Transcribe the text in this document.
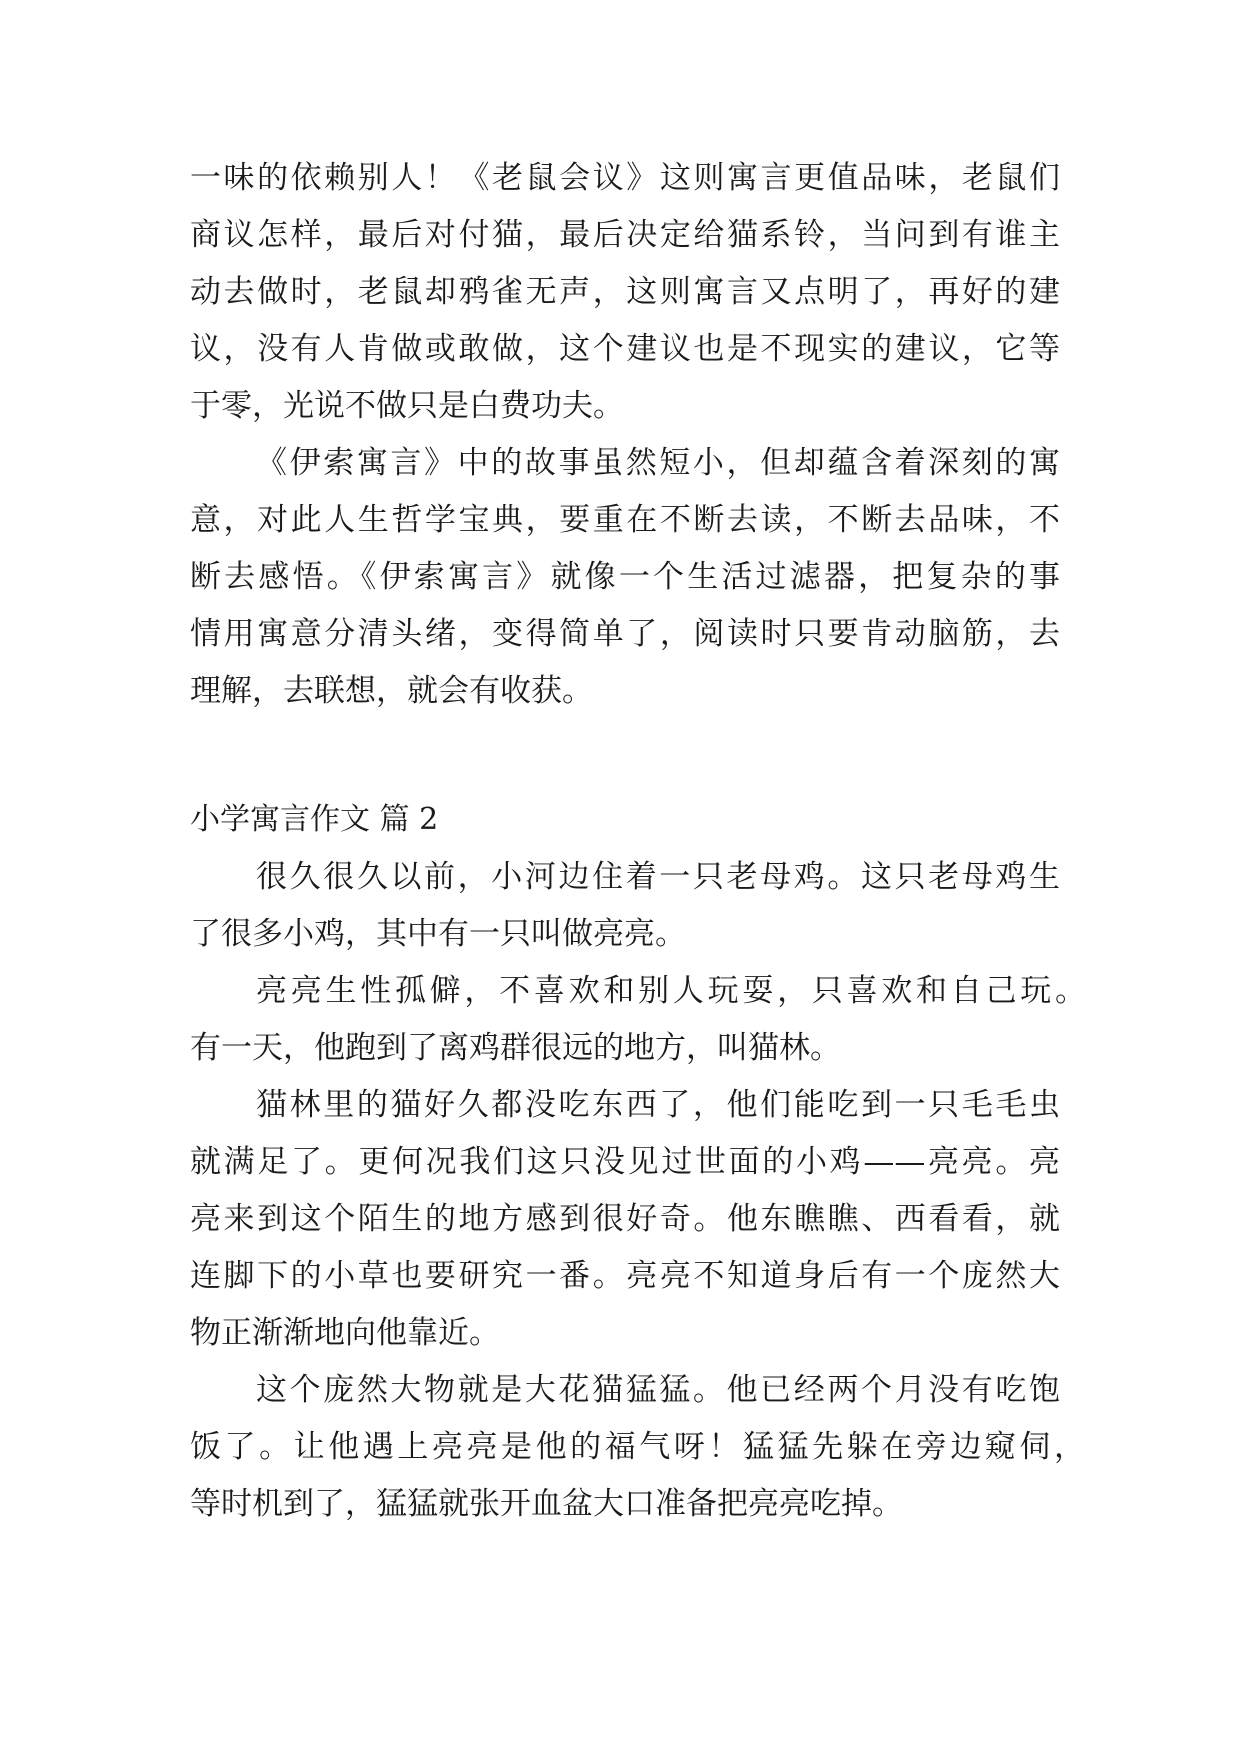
一味的依赖别人！《老鼠会议》这则寓言更值品味，老鼠们
商议怎样，最后对付猫，最后决定给猫系铃，当问到有谁主
动去做时，老鼠却鸦雀无声，这则寓言又点明了，再好的建
议，没有人肯做或敢做，这个建议也是不现实的建议，它等
于零，光说不做只是白费功夫。
《伊索寓言》中的故事虽然短小，但却蕴含着深刻的寓
意，对此人生哲学宝典，要重在不断去读，不断去品味，不
断去感悟。《伊索寓言》就像一个生活过滤器，把复杂的事
情用寓意分清头绪，变得简单了，阅读时只要肯动脑筋，去
理解，去联想，就会有收获。
小学寓言作文 篇 2
很久很久以前，小河边住着一只老母鸡。这只老母鸡生
了很多小鸡，其中有一只叫做亮亮。
亮亮生性孤僻，不喜欢和别人玩耍，只喜欢和自己玩。
有一天，他跑到了离鸡群很远的地方，叫猫林。
猫林里的猫好久都没吃东西了，他们能吃到一只毛毛虫
就满足了。更何况我们这只没见过世面的小鸡——亮亮。亮
亮来到这个陌生的地方感到很好奇。他东瞧瞧、西看看，就
连脚下的小草也要研究一番。亮亮不知道身后有一个庞然大
物正渐渐地向他靠近。
这个庞然大物就是大花猫猛猛。他已经两个月没有吃饱
饭了。让他遇上亮亮是他的福气呀！猛猛先躲在旁边窥伺，
等时机到了，猛猛就张开血盆大口准备把亮亮吃掉。
